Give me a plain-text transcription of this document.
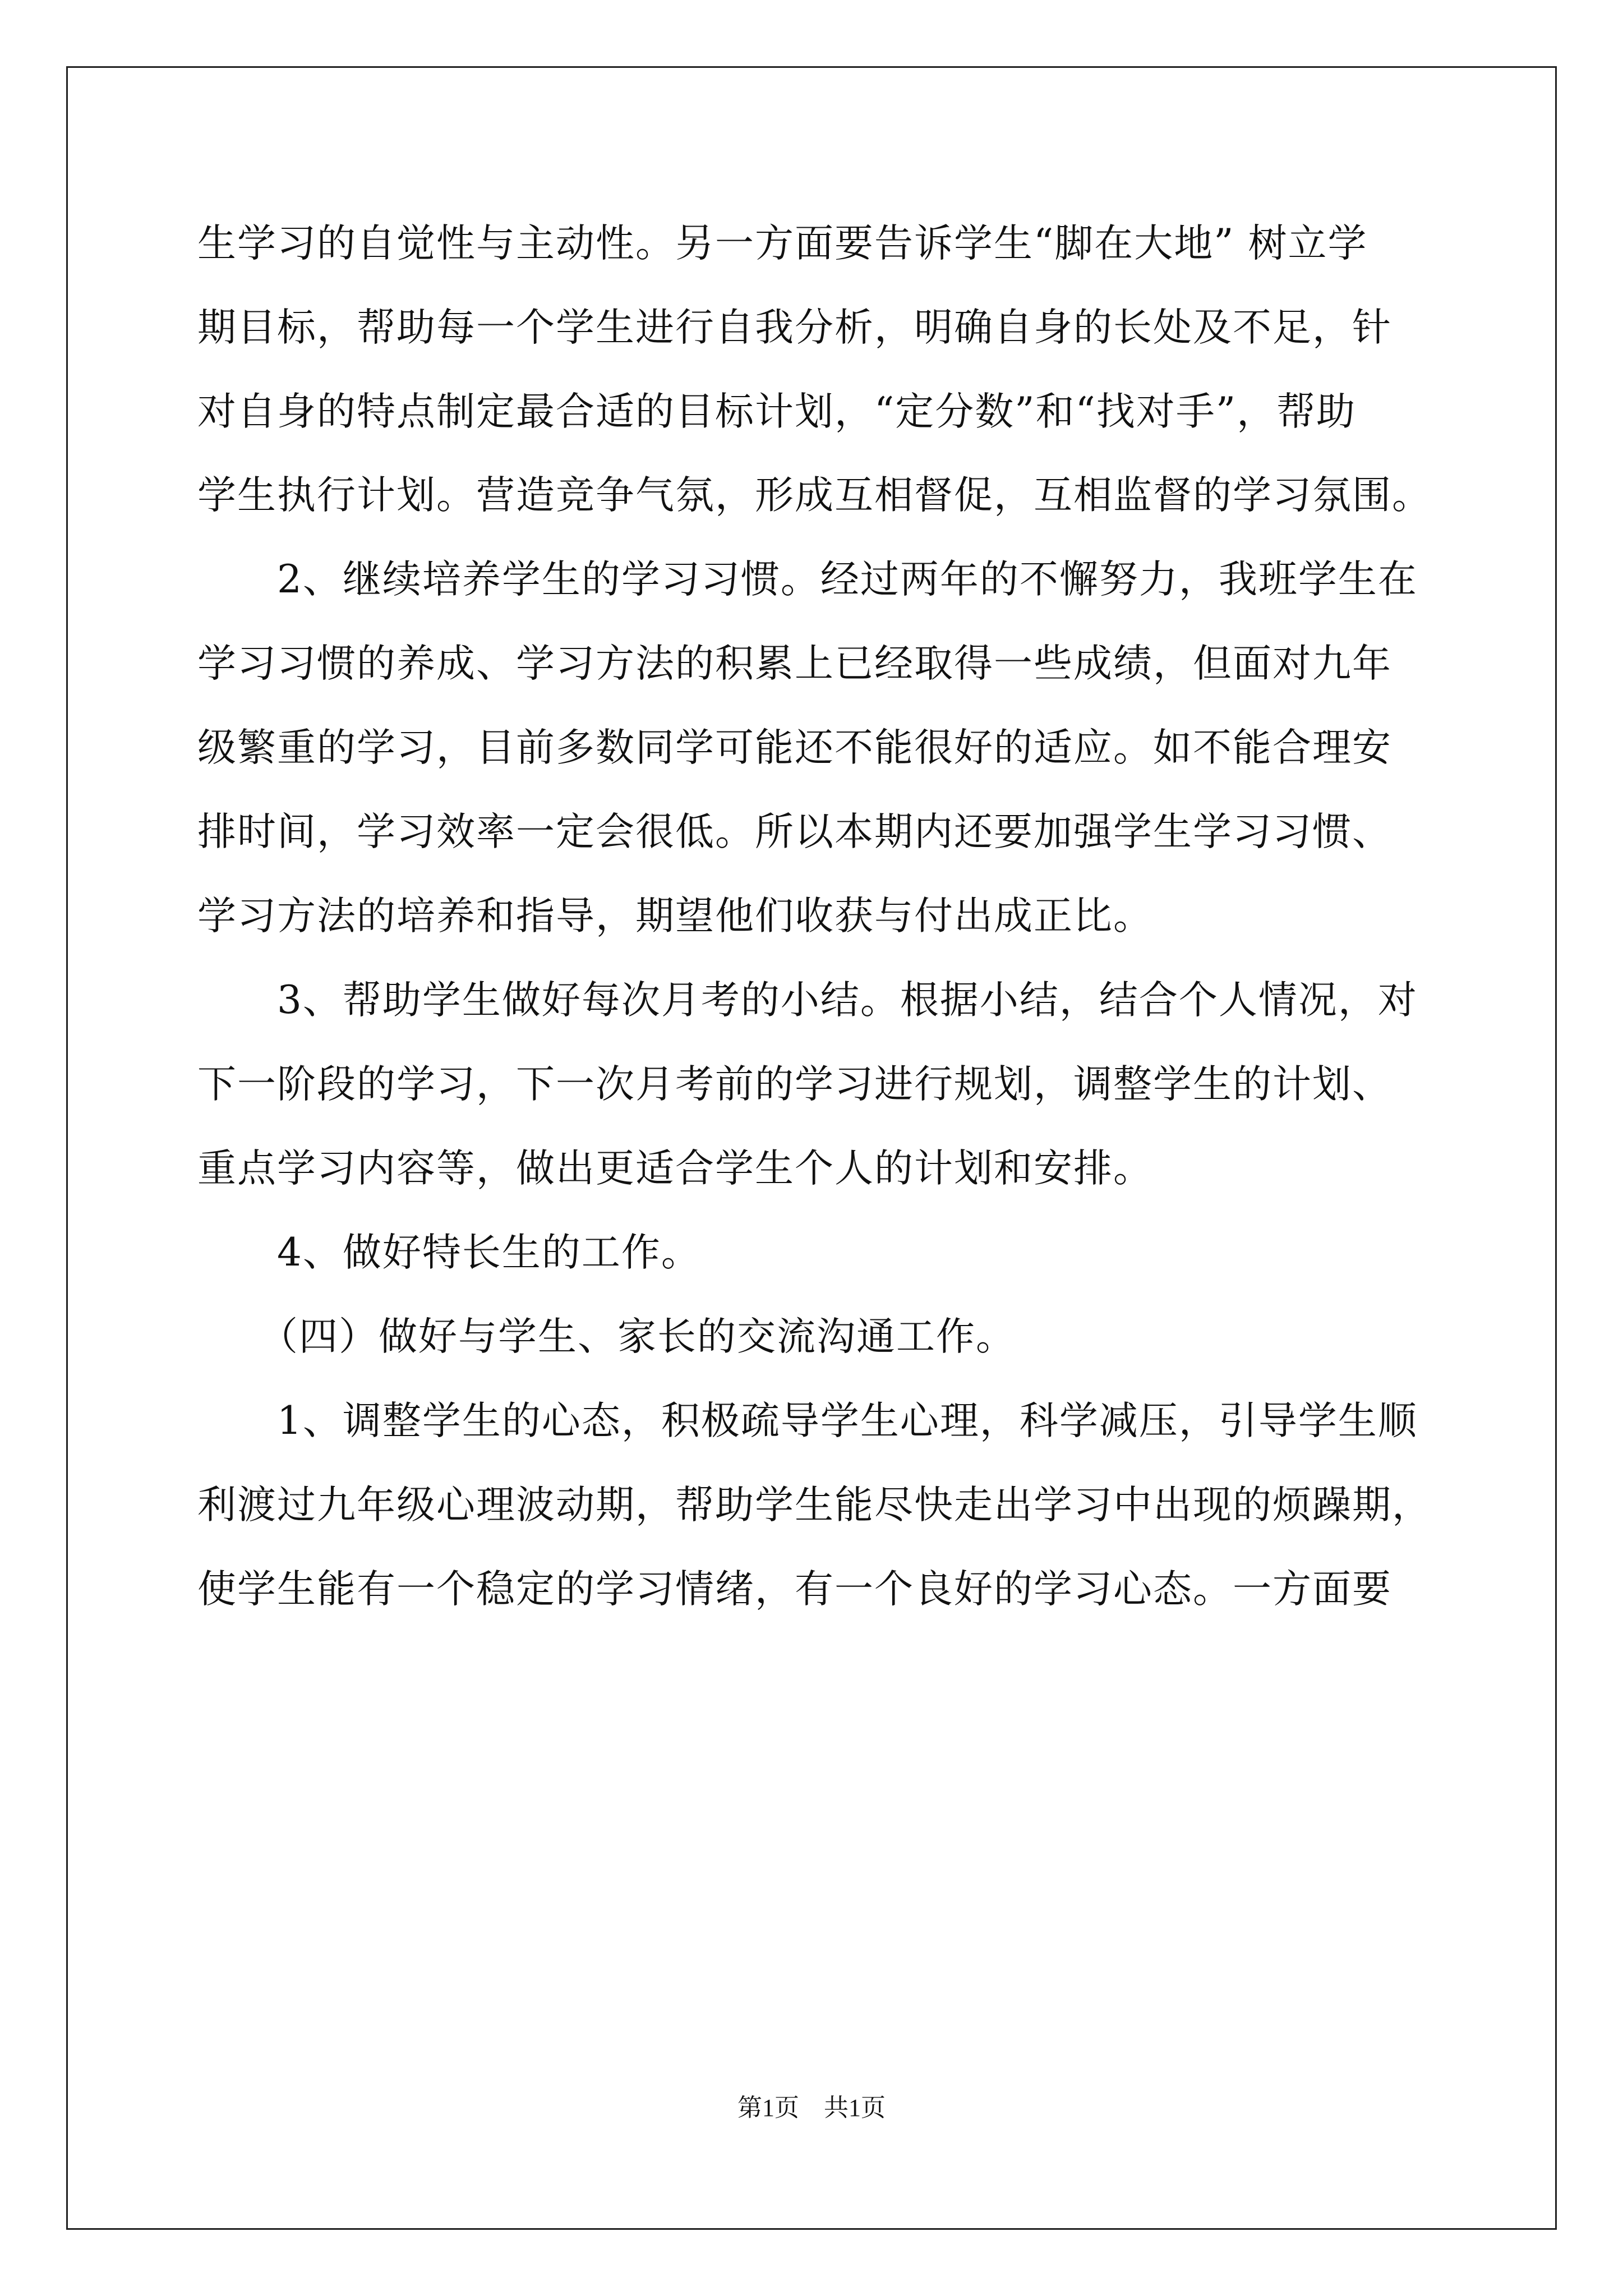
生学习的自觉性与主动性。另一方面要告诉学生“脚在大地” 树立学

期目标，帮助每一个学生进行自我分析，明确自身的长处及不足，针

对自身的特点制定最合适的目标计划，“定分数”和“找对手”，帮助

学生执行计划。营造竞争气氛，形成互相督促，互相监督的学习氛围。

2、继续培养学生的学习习惯。经过两年的不懈努力，我班学生在

学习习惯的养成、学习方法的积累上已经取得一些成绩，但面对九年

级繁重的学习，目前多数同学可能还不能很好的适应。如不能合理安

排时间，学习效率一定会很低。所以本期内还要加强学生学习习惯、

学习方法的培养和指导，期望他们收获与付出成正比。

3、帮助学生做好每次月考的小结。根据小结，结合个人情况，对

下一阶段的学习，下一次月考前的学习进行规划，调整学生的计划、

重点学习内容等，做出更适合学生个人的计划和安排。

4、做好特长生的工作。

（四）做好与学生、家长的交流沟通工作。

1、调整学生的心态，积极疏导学生心理，科学减压，引导学生顺

利渡过九年级心理波动期，帮助学生能尽快走出学习中出现的烦躁期，

使学生能有一个稳定的学习情绪，有一个良好的学习心态。一方面要

第1页　共1页
